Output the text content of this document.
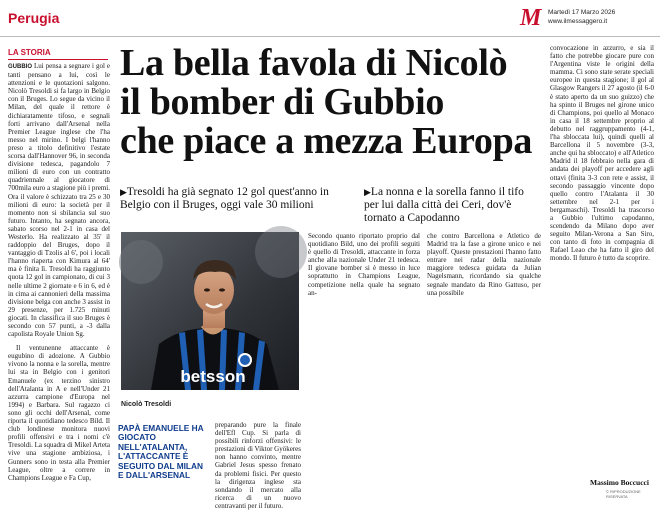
Perugia	M Martedì 17 Marzo 2026
www.ilmessaggero.it
LA STORIA
GUBBIO Lui pensa a segnare i gol e tanti pensano a lui, così le attenzioni e le quotazioni salgono. Nicolò Tresoldi si fa largo in Belgio con il Bruges. Lo segue da vicino il Milan, del quale il rettore è dichiaratamente tifoso, e segnali forti arrivano dall'Arsenal nella Premier League inglese che l'ha messo nel mirino. I belgi l'hanno preso a titolo definitivo l'estate scorsa dall'Hannover 96, in seconda divisione tedesca, pagandolo 7 milioni di euro con un contratto quadriennale al giocatore di 700mila euro a stagione più i premi. Ora il valore è schizzato tra 25 e 30 milioni di euro: la società per il momento non si sbilancia sul suo futuro. Intanto, ha segnato ancora, sabato scorso nel 2-1 in casa del Westerlo. Ha realizzato al 35' il raddoppio del Bruges, dopo il vantaggio di Tzolis al 6', poi i locali l'hanno riaperta con Kimura al 64' ma è finita lì. Tresoldi ha raggiunto quota 12 gol in campionato, di cui 3 nelle ultime 2 giornate e 6 in 6, ed è in cima ai cannonieri della massima divisione belga con anche 3 assist in 29 presenze, per 1.725 minuti giocati. In classifica il suo Bruges è secondo con 57 punti, a -3 dalla capolista Royale Union Sg.
Il ventunenne attaccante è eugubino di adozione. A Gubbio vivono la nonna e la sorella, mentre lui sta in Belgio con i genitori Emanuele (ex terzino sinistro dell'Atalanta in A e nell'Under 21 azzurra campione d'Europa nel 1994) e Barbara. Sul ragazzo ci sono gli occhi dell'Arsenal, come riporta il quotidiano tedesco Bild. Il club londinese monitora nuovi profili offensivi e tra i nomi c'è Tresoldi. La squadra di Mikel Arteta vive una stagione ambiziosa, i Gunners sono in testa alla Premier League, oltre a correre in Champions League e Fa Cup,
La bella favola di Nicolò
il bomber di Gubbio
che piace a mezza Europa
▶Tresoldi ha già segnato 12 gol quest'anno in Belgio con il Bruges, oggi vale 30 milioni
▶La nonna e la sorella fanno il tifo per lui dalla città dei Ceri, dov'è tornato a Capodanno
betsson
Nicolò Tresoldi
PAPÀ EMANUELE HA GIOCATO NELL'ATALANTA, L'ATTACCANTE È SEGUITO DAL MILAN E DALL'ARSENAL
preparando pure la finale dell'Efl Cup. Si parla di possibili rinforzi offensivi: le prestazioni di Viktor Gyökeres non hanno convinto, mentre Gabriel Jesus spesso frenato da problemi fisici. Per questo la dirigenza inglese sta sondando il mercato alla ricerca di un nuovo centravanti per il futuro.
Secondo quanto riportato proprio dal quotidiano Bild, uno dei profili seguiti è quello di Tresoldi, attaccante in forza anche alla nazionale Under 21 tedesca. Il giovane bomber si è messo in luce soprattutto in Champions League, competizione nella quale ha segnato an-
che contro Barcellona e Atletico de Madrid tra la fase a girone unico e nei playoff. Queste prestazioni l'hanno fatto entrare nei radar della nazionale maggiore tedesca guidata da Julian Nagelsmann, ricordando sia qualche segnale mandato da Rino Gattuso, per una possibile
convocazione in azzurro, e sia il fatto che potrebbe giocare pure con l'Argentina viste le origini della mamma. Ci sono state serate speciali europee in questa stagione; il gol al Glasgow Rangers il 27 agosto (il 6-0 è stato aperto da un suo guizzo) che ha spinto il Bruges nel girone unico di Champions, poi quello al Monaco in casa il 18 settembre proprio al debutto nel raggruppamento (4-1, l'ha sbloccata lui), quindi quelli al Barcellona il 5 novembre (3-3, anche qui ha sbloccato) e all'Atletico Madrid il 18 febbraio nella gara di andata dei playoff per accedere agli ottavi (finita 3-3 con rete e assist, il secondo passaggio vincente dopo quello contro l'Atalanta il 30 settembre nel 2-1 per i bergamaschi). Tresoldi ha trascorso a Gubbio l'ultimo capodanno, scendendo da Milano dopo aver seguito Milan-Verona a San Siro, con tanto di foto in compagnia di Rafael Leao che ha fatto il giro del mondo. Il futuro è tutto da scoprire.
Massimo Boccucci
© RIPRODUZIONE RISERVATA
